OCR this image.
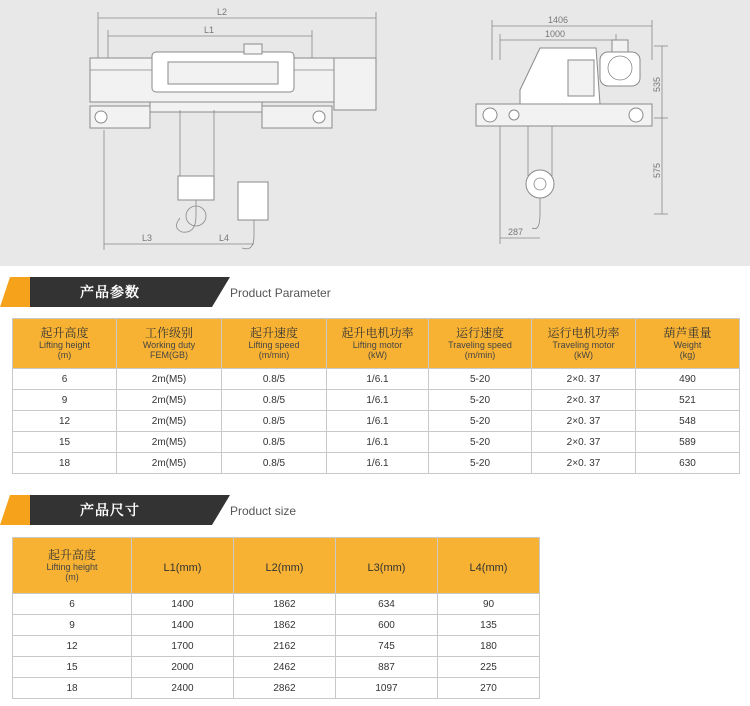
L2
L1
L3	L4
1406
1000
535
575
287
产品参数	Product Parameter
起升高度
Lifting height
(m)	工作级别
Working duty
FEM(GB)	起升速度
Lifting speed
(m/min)	起升电机功率
Lifting motor
(kW)	运行速度
Traveling speed
(m/min)	运行电机功率
Traveling motor
(kW)	葫芦重量
Weight
(kg)

6	2m(M5)	0.8/5	1/6.1	5-20	2×0. 37	490
9	2m(M5)	0.8/5	1/6.1	5-20	2×0. 37	521
12	2m(M5)	0.8/5	1/6.1	5-20	2×0. 37	548
15	2m(M5)	0.8/5	1/6.1	5-20	2×0. 37	589
18	2m(M5)	0.8/5	1/6.1	5-20	2×0. 37	630
产品尺寸	Product size
起升高度
Lifting height
(m)	L1(mm)	L2(mm)	L3(mm)	L4(mm)
6	1400	1862	634	90
9	1400	1862	600	135
12	1700	2162	745	180
15	2000	2462	887	225
18	2400	2862	1097	270
